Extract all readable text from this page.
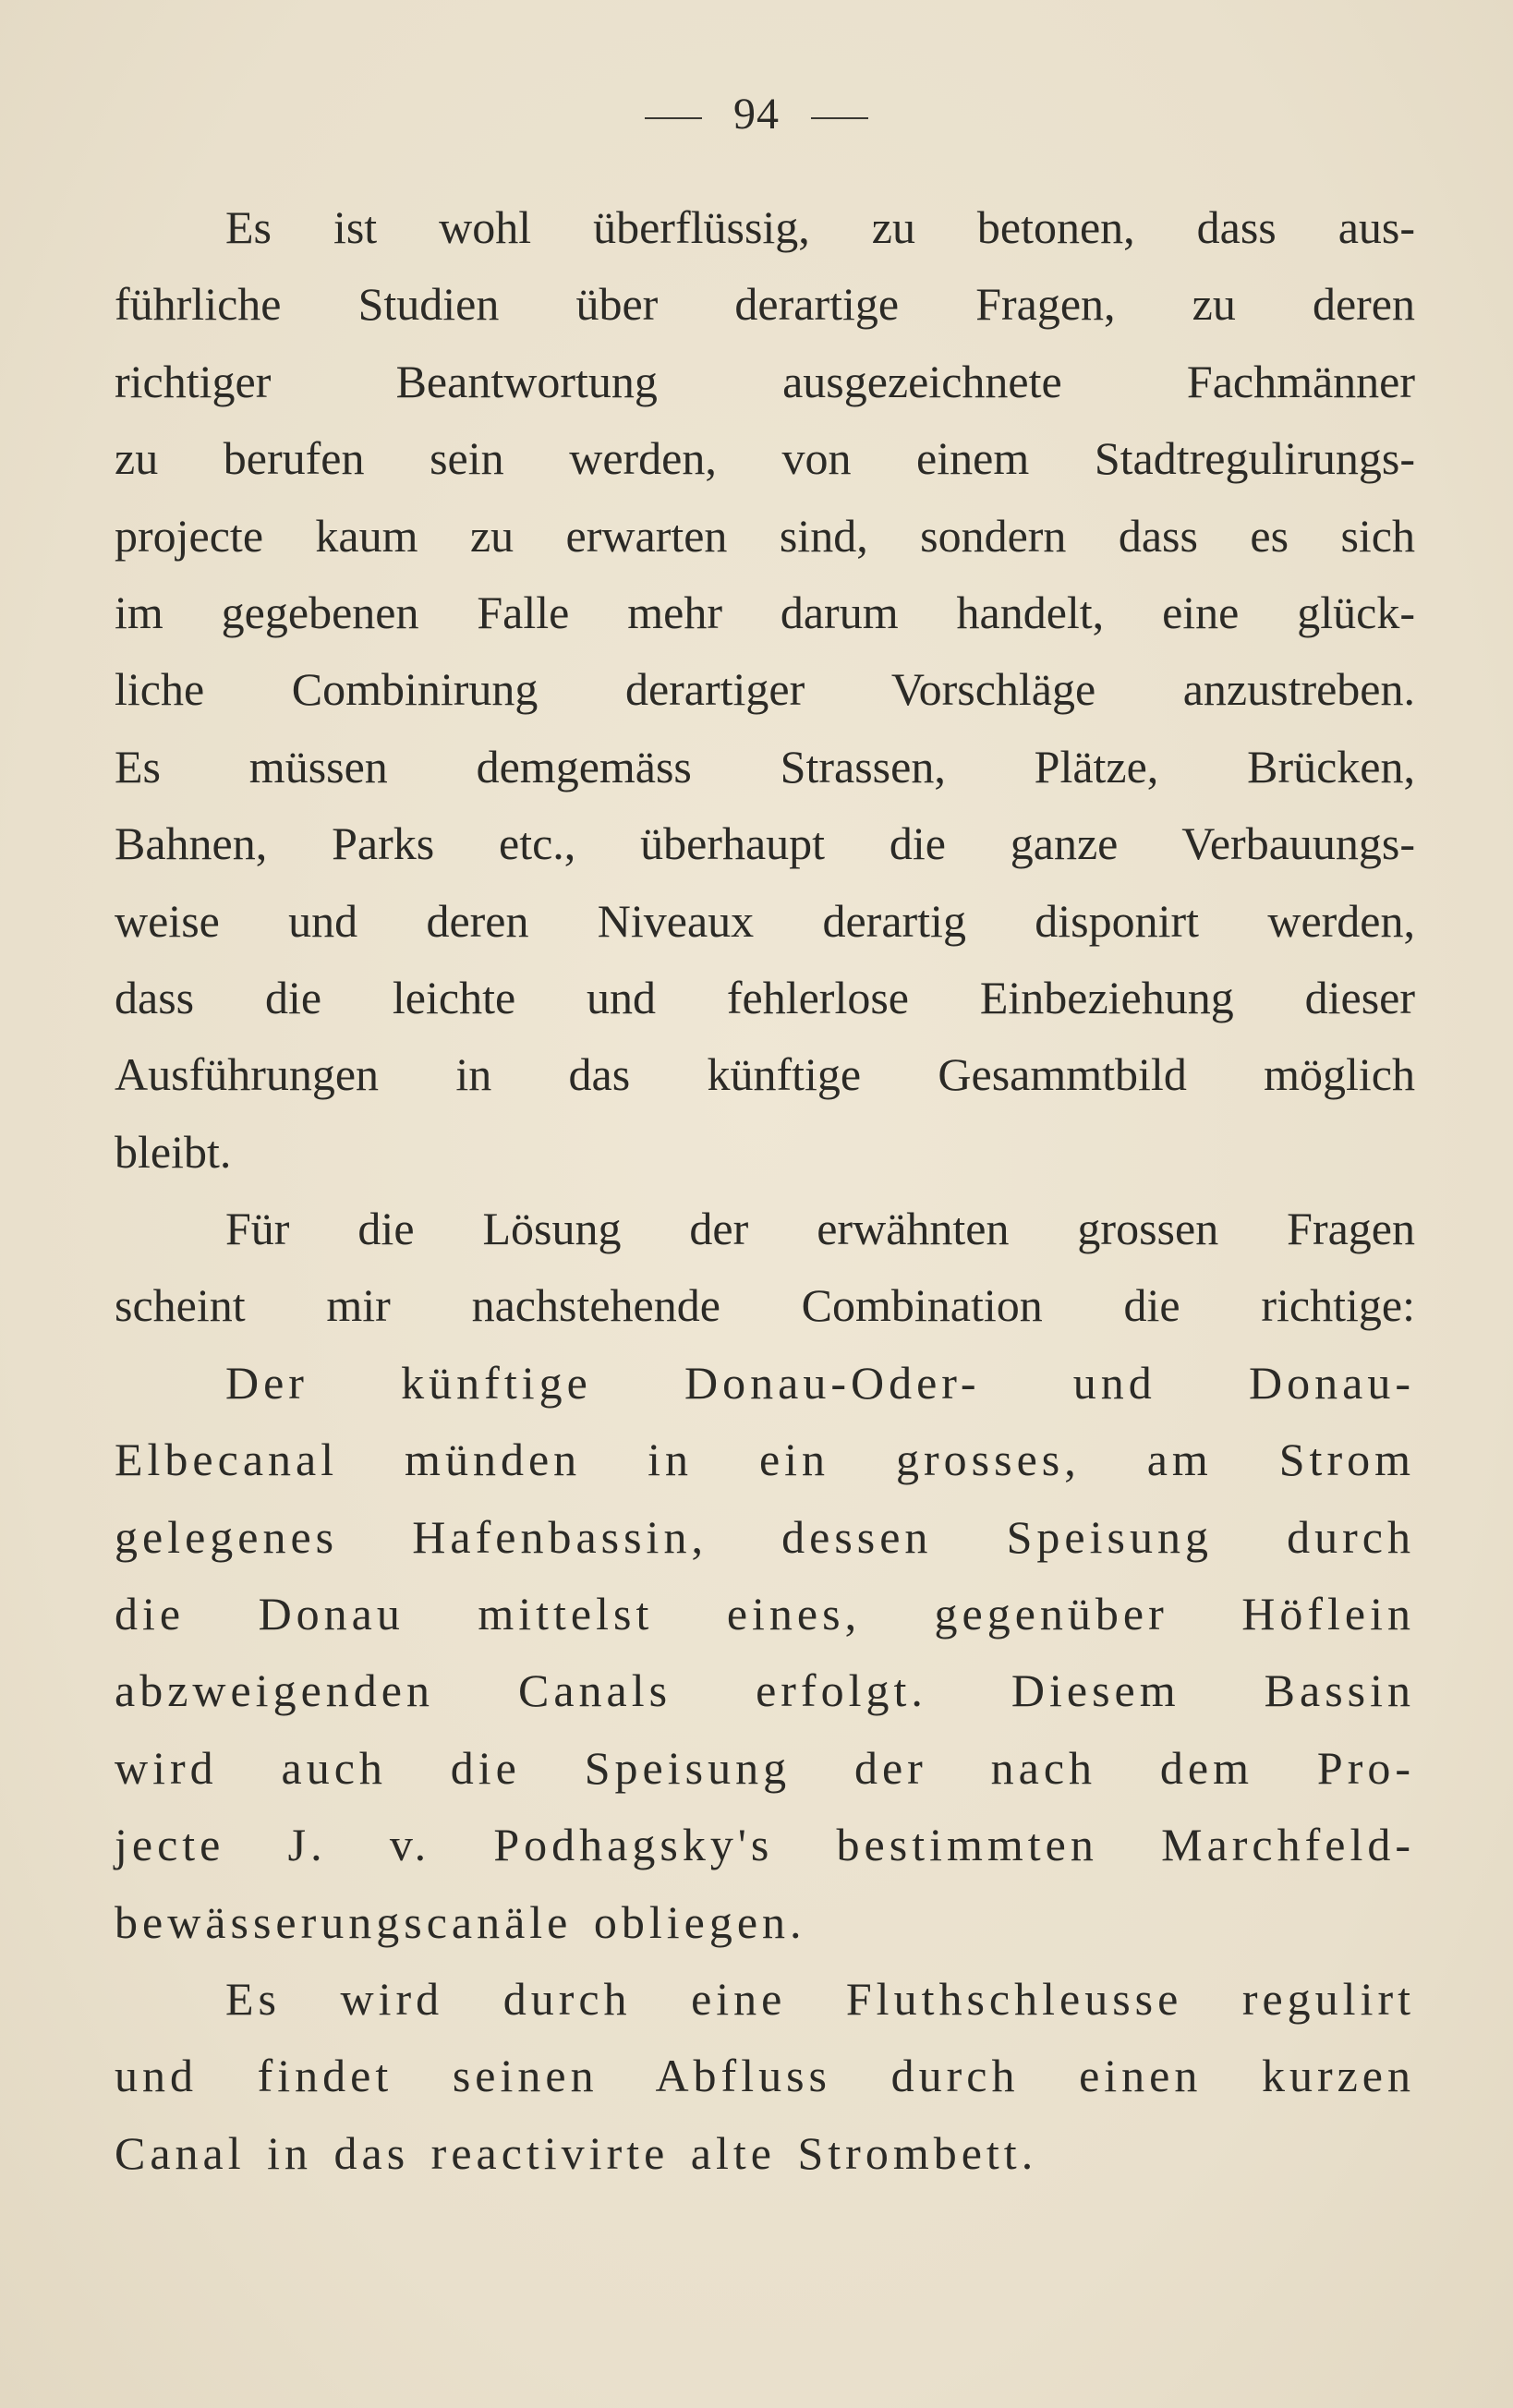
94
Es ist wohl überflüssig, zu betonen, dass aus-
führliche Studien über derartige Fragen, zu deren
richtiger Beantwortung ausgezeichnete Fachmänner
zu berufen sein werden, von einem Stadtregulirungs-
projecte kaum zu erwarten sind, sondern dass es sich
im gegebenen Falle mehr darum handelt, eine glück-
liche Combinirung derartiger Vorschläge anzustreben.
Es müssen demgemäss Strassen, Plätze, Brücken,
Bahnen, Parks etc., überhaupt die ganze Verbauungs-
weise und deren Niveaux derartig disponirt werden,
dass die leichte und fehlerlose Einbeziehung dieser
Ausführungen in das künftige Gesammtbild möglich
bleibt.
Für die Lösung der erwähnten grossen Fragen
scheint mir nachstehende Combination die richtige:
Der künftige Donau-Oder- und Donau-
Elbecanal münden in ein grosses, am Strom
gelegenes Hafenbassin, dessen Speisung durch
die Donau mittelst eines, gegenüber Höflein
abzweigenden Canals erfolgt. Diesem Bassin
wird auch die Speisung der nach dem Pro-
jecte J. v. Podhagsky's bestimmten Marchfeld-
bewässerungscanäle obliegen.
Es wird durch eine Fluthschleusse regulirt
und findet seinen Abfluss durch einen kurzen
Canal in das reactivirte alte Strombett.
